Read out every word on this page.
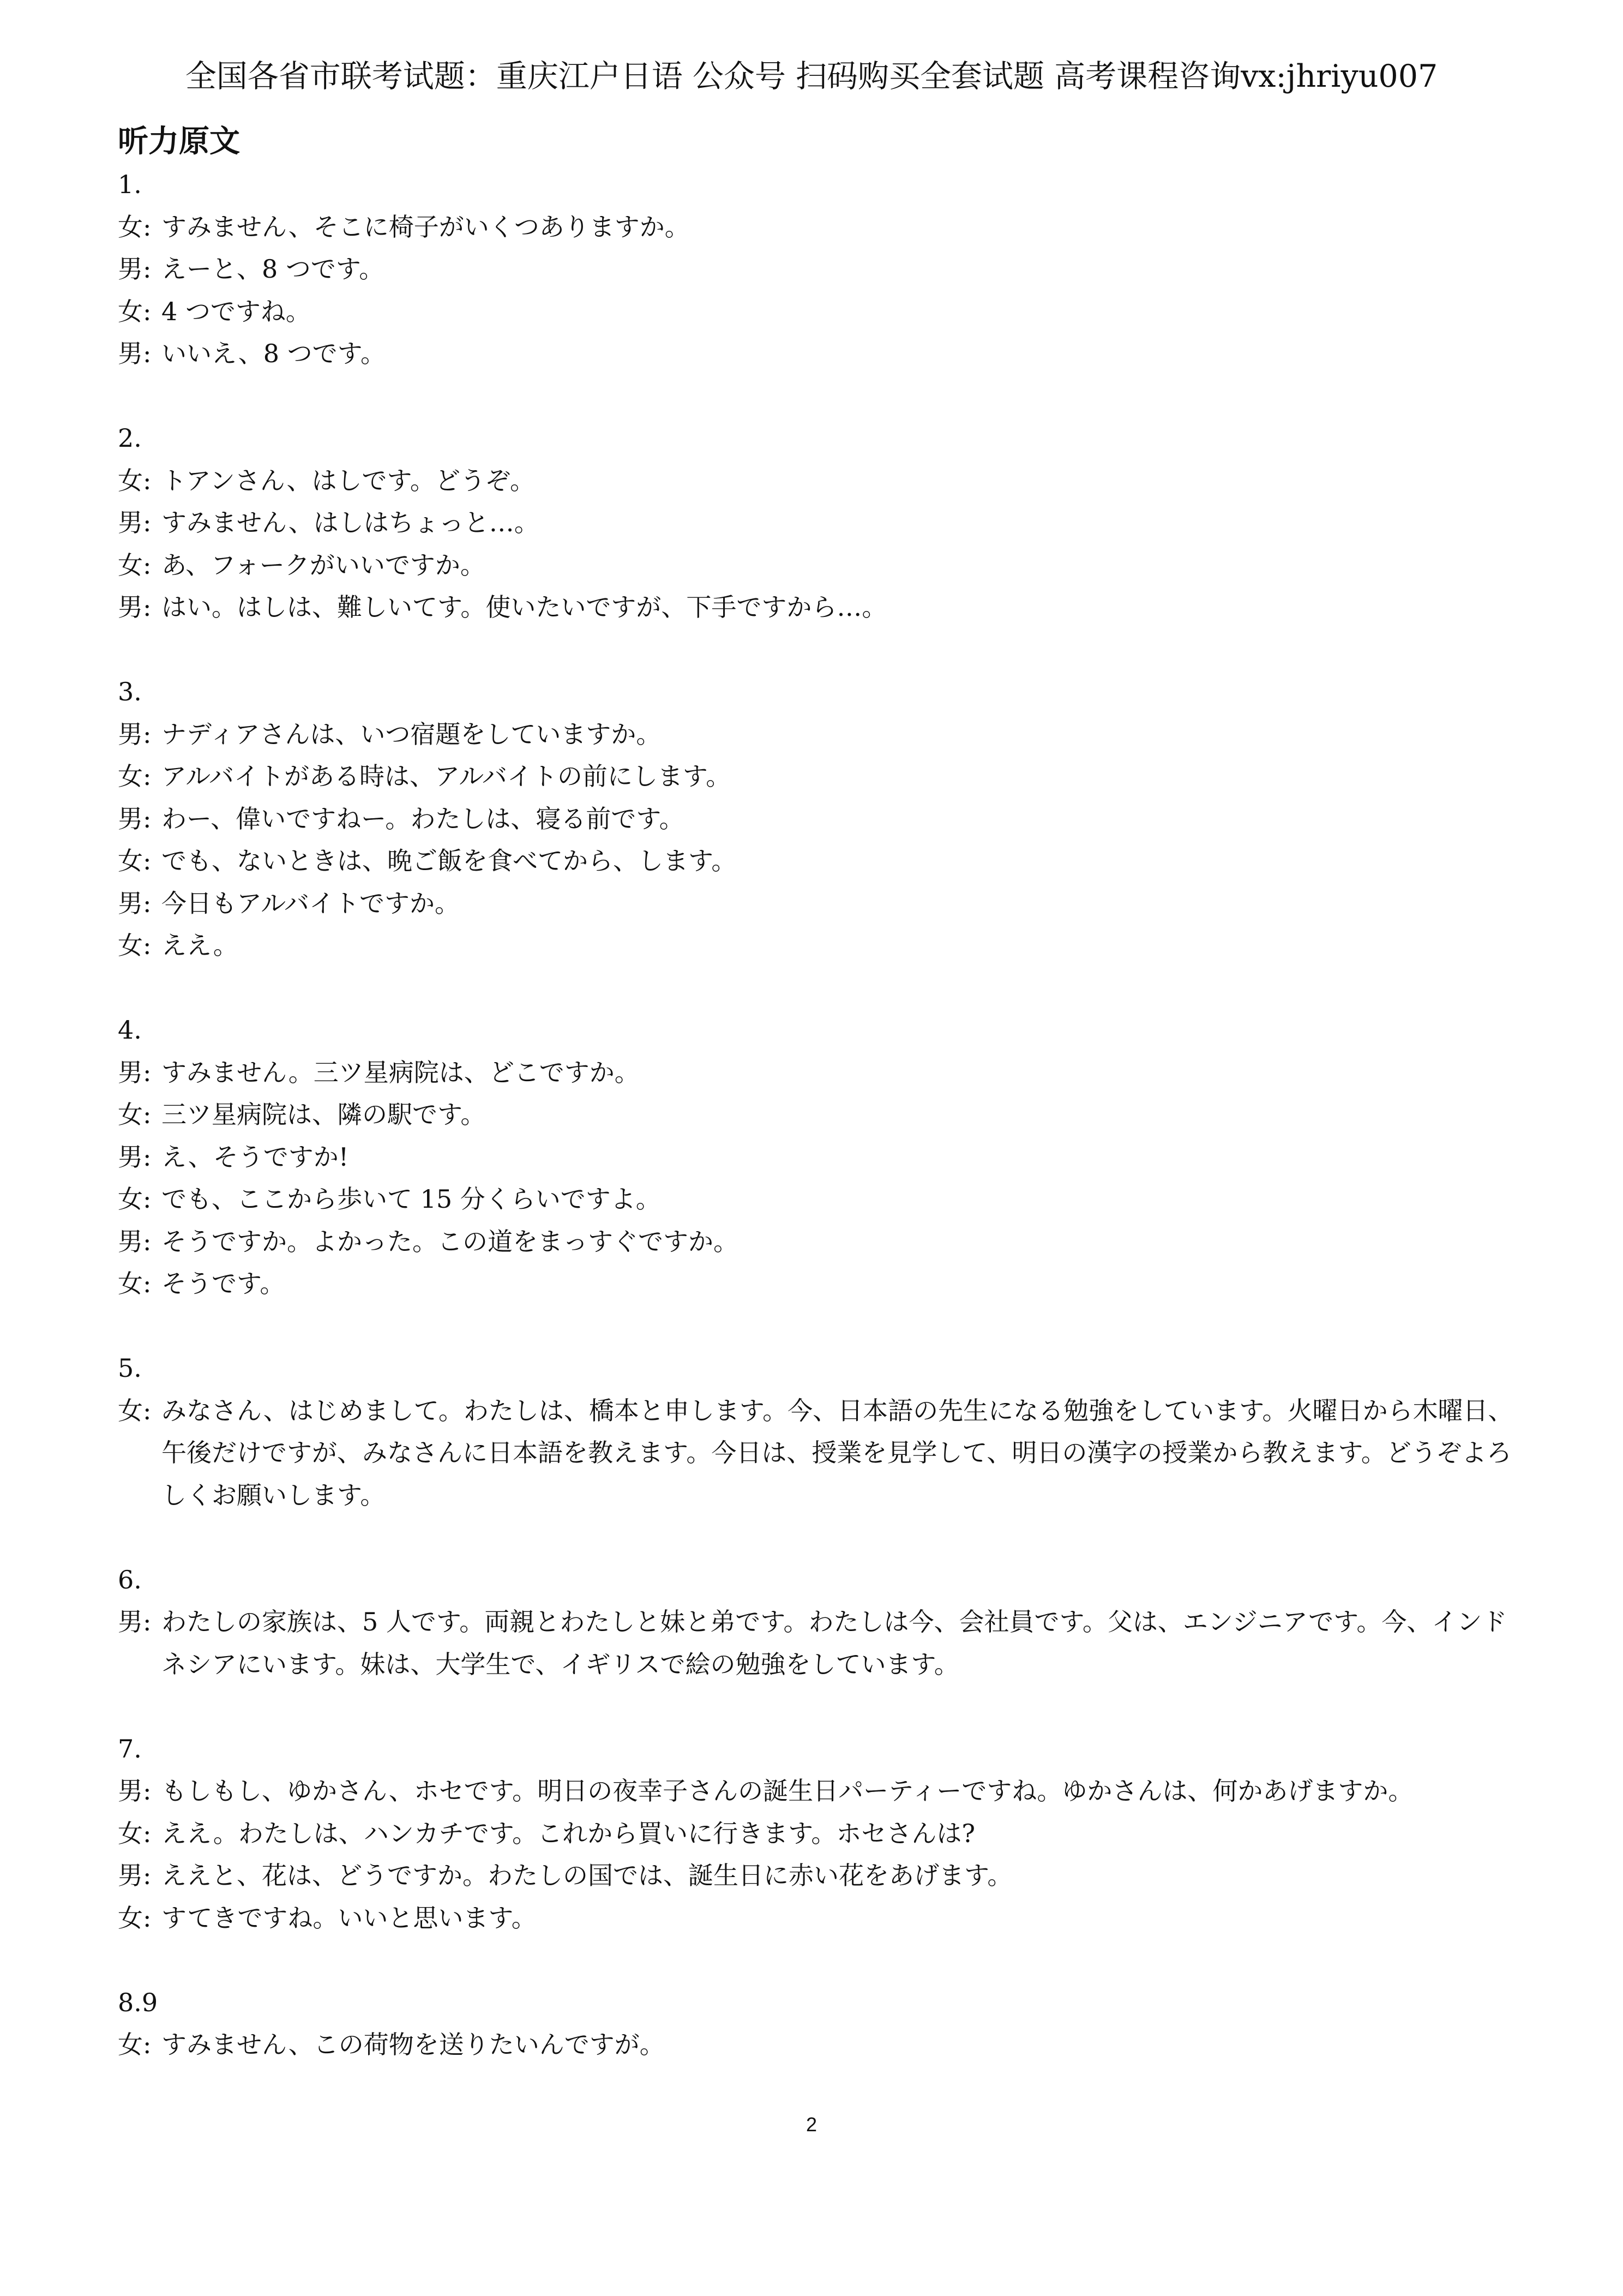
全国各省市联考试题：重庆江户日语 公众号 扫码购买全套试题 高考课程咨询vx:jhriyu007
听力原文
1.
女: すみません、そこに椅子がいくつありますか。
男: えーと、8 つです。
女: 4 つですね。
男: いいえ、8 つです。
2.
女: トアンさん、はしです。どうぞ。
男: すみません、はしはちょっと…。
女: あ、フォークがいいですか。
男: はい。はしは、難しいてす。使いたいですが、下手ですから…。
3.
男: ナディアさんは、いつ宿題をしていますか。
女: アルバイトがある時は、アルバイトの前にします。
男: わー、偉いですねー。わたしは、寝る前です。
女: でも、ないときは、晩ご飯を食べてから、します。
男: 今日もアルバイトですか。
女: ええ。
4.
男: すみません。三ツ星病院は、どこですか。
女: 三ツ星病院は、隣の駅です。
男: え、そうですか!
女: でも、ここから歩いて 15 分くらいですよ。
男: そうですか。よかった。この道をまっすぐですか。
女: そうです。
5.
女: みなさん、はじめまして。わたしは、橋本と申します。今、日本語の先生になる勉強をしています。火曜日から木曜日、午後だけですが、みなさんに日本語を教えます。今日は、授業を見学して、明日の漢字の授業から教えます。どうぞよろしくお願いします。
6.
男: わたしの家族は、5 人です。両親とわたしと妹と弟です。わたしは今、会社員です。父は、エンジニアです。今、インドネシアにいます。妹は、大学生で、イギリスで絵の勉強をしています。
7.
男: もしもし、ゆかさん、ホセです。明日の夜幸子さんの誕生日パーティーですね。ゆかさんは、何かあげますか。
女: ええ。わたしは、ハンカチです。これから買いに行きます。ホセさんは?
男: ええと、花は、どうですか。わたしの国では、誕生日に赤い花をあげます。
女: すてきですね。いいと思います。
8.9
女: すみません、この荷物を送りたいんですが。
2
